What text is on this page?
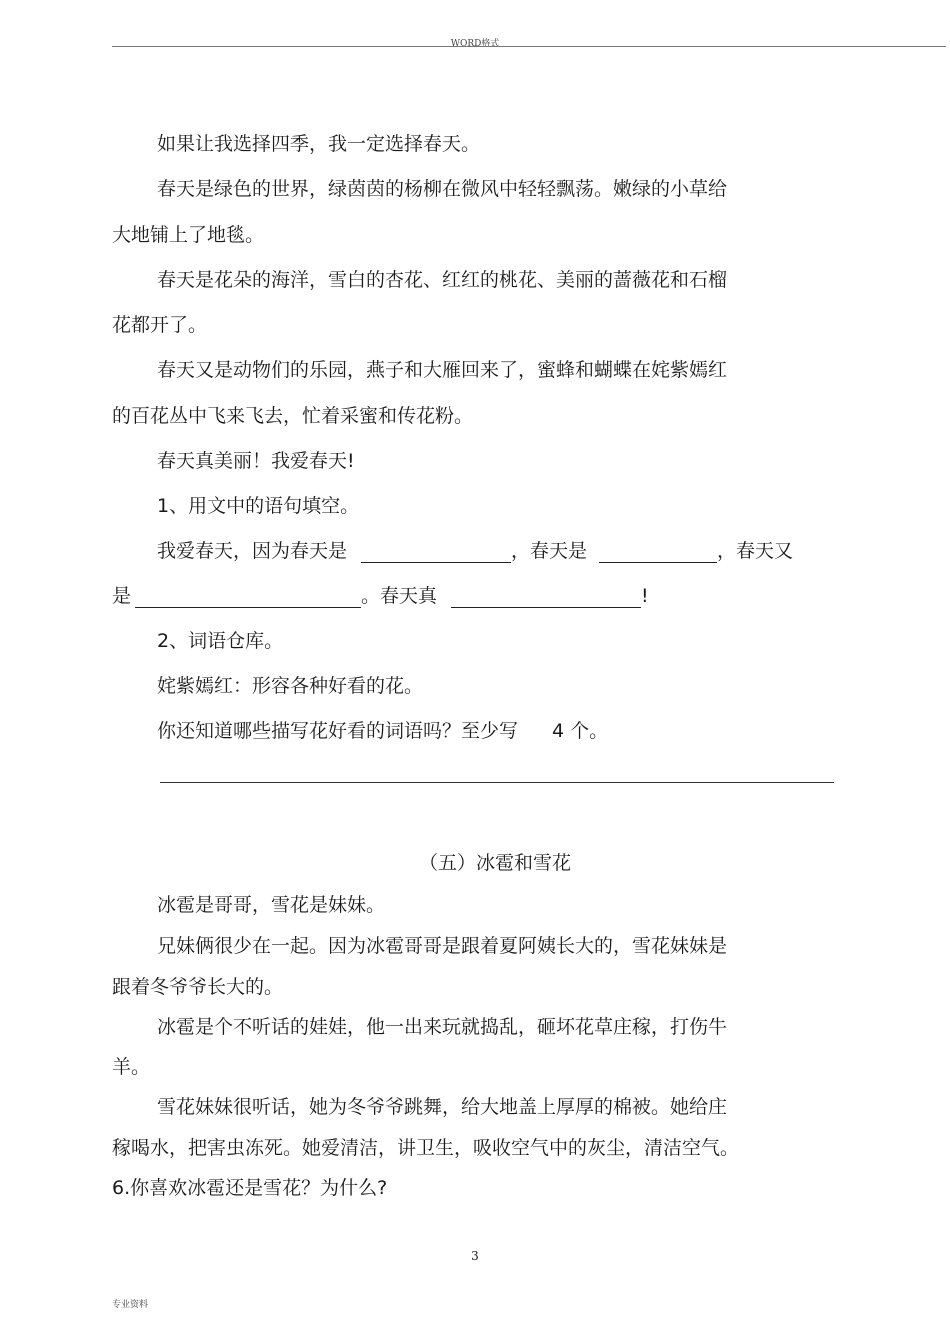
WORD格式
如果让我选择四季，我一定选择春天。
春天是绿色的世界，绿茵茵的杨柳在微风中轻轻飘荡。嫩绿的小草给
大地铺上了地毯。
春天是花朵的海洋，雪白的杏花、红红的桃花、美丽的蔷薇花和石榴
花都开了。
春天又是动物们的乐园，燕子和大雁回来了，蜜蜂和蝴蝶在姹紫嫣红
的百花丛中飞来飞去，忙着采蜜和传花粉。
春天真美丽！我爱春天!
1、用文中的语句填空。
我爱春天，因为春天是	，春天是	，春天又
是	。春天真	!
2、词语仓库。
姹紫嫣红：形容各种好看的花。
你还知道哪些描写花好看的词语吗？至少写 4 个。
（五）冰雹和雪花
冰雹是哥哥，雪花是妹妹。
兄妹俩很少在一起。因为冰雹哥哥是跟着夏阿姨长大的，雪花妹妹是
跟着冬爷爷长大的。
冰雹是个不听话的娃娃，他一出来玩就捣乱，砸坏花草庄稼，打伤牛
羊。
雪花妹妹很听话，她为冬爷爷跳舞，给大地盖上厚厚的棉被。她给庄
稼喝水，把害虫冻死。她爱清洁，讲卫生，吸收空气中的灰尘，清洁空气。
6.你喜欢冰雹还是雪花？为什么?
3
专业资料
